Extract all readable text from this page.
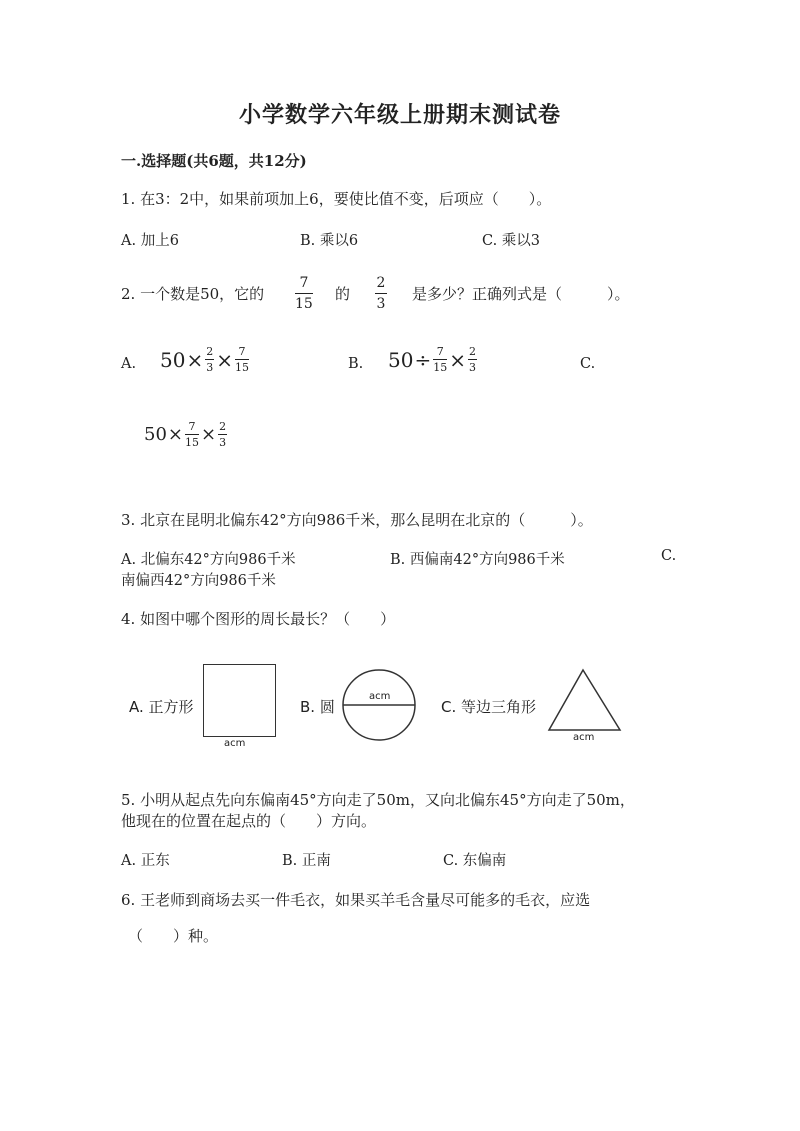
小学数学六年级上册期末测试卷
一.选择题(共6题，共12分)
1. 在3：2中，如果前项加上6，要使比值不变，后项应（　　）。
A. 加上6	B. 乘以6	C. 乘以3
2. 一个数是50，它的
7
15
的
2
3
是多少？正确列式是（　　　）。
A. $50 \times \frac{2}{3} \times \frac{7}{15}$	B. $50 \div \frac{7}{15} \times \frac{2}{3}$	C.
$50 \times \frac{7}{15} \times \frac{2}{3}$
3. 北京在昆明北偏东42°方向986千米，那么昆明在北京的（　　　）。
A. 北偏东42°方向986千米	B. 西偏南42°方向986千米	C.
南偏西42°方向986千米
4. 如图中哪个图形的周长最长？（　　）
A. 正方形
acm
B. 圆
acm
C. 等边三角形
acm
5. 小明从起点先向东偏南45°方向走了50m，又向北偏东45°方向走了50m，
他现在的位置在起点的（　　）方向。
A. 正东	B. 正南	C. 东偏南
6. 王老师到商场去买一件毛衣，如果买羊毛含量尽可能多的毛衣，应选
（　　）种。
